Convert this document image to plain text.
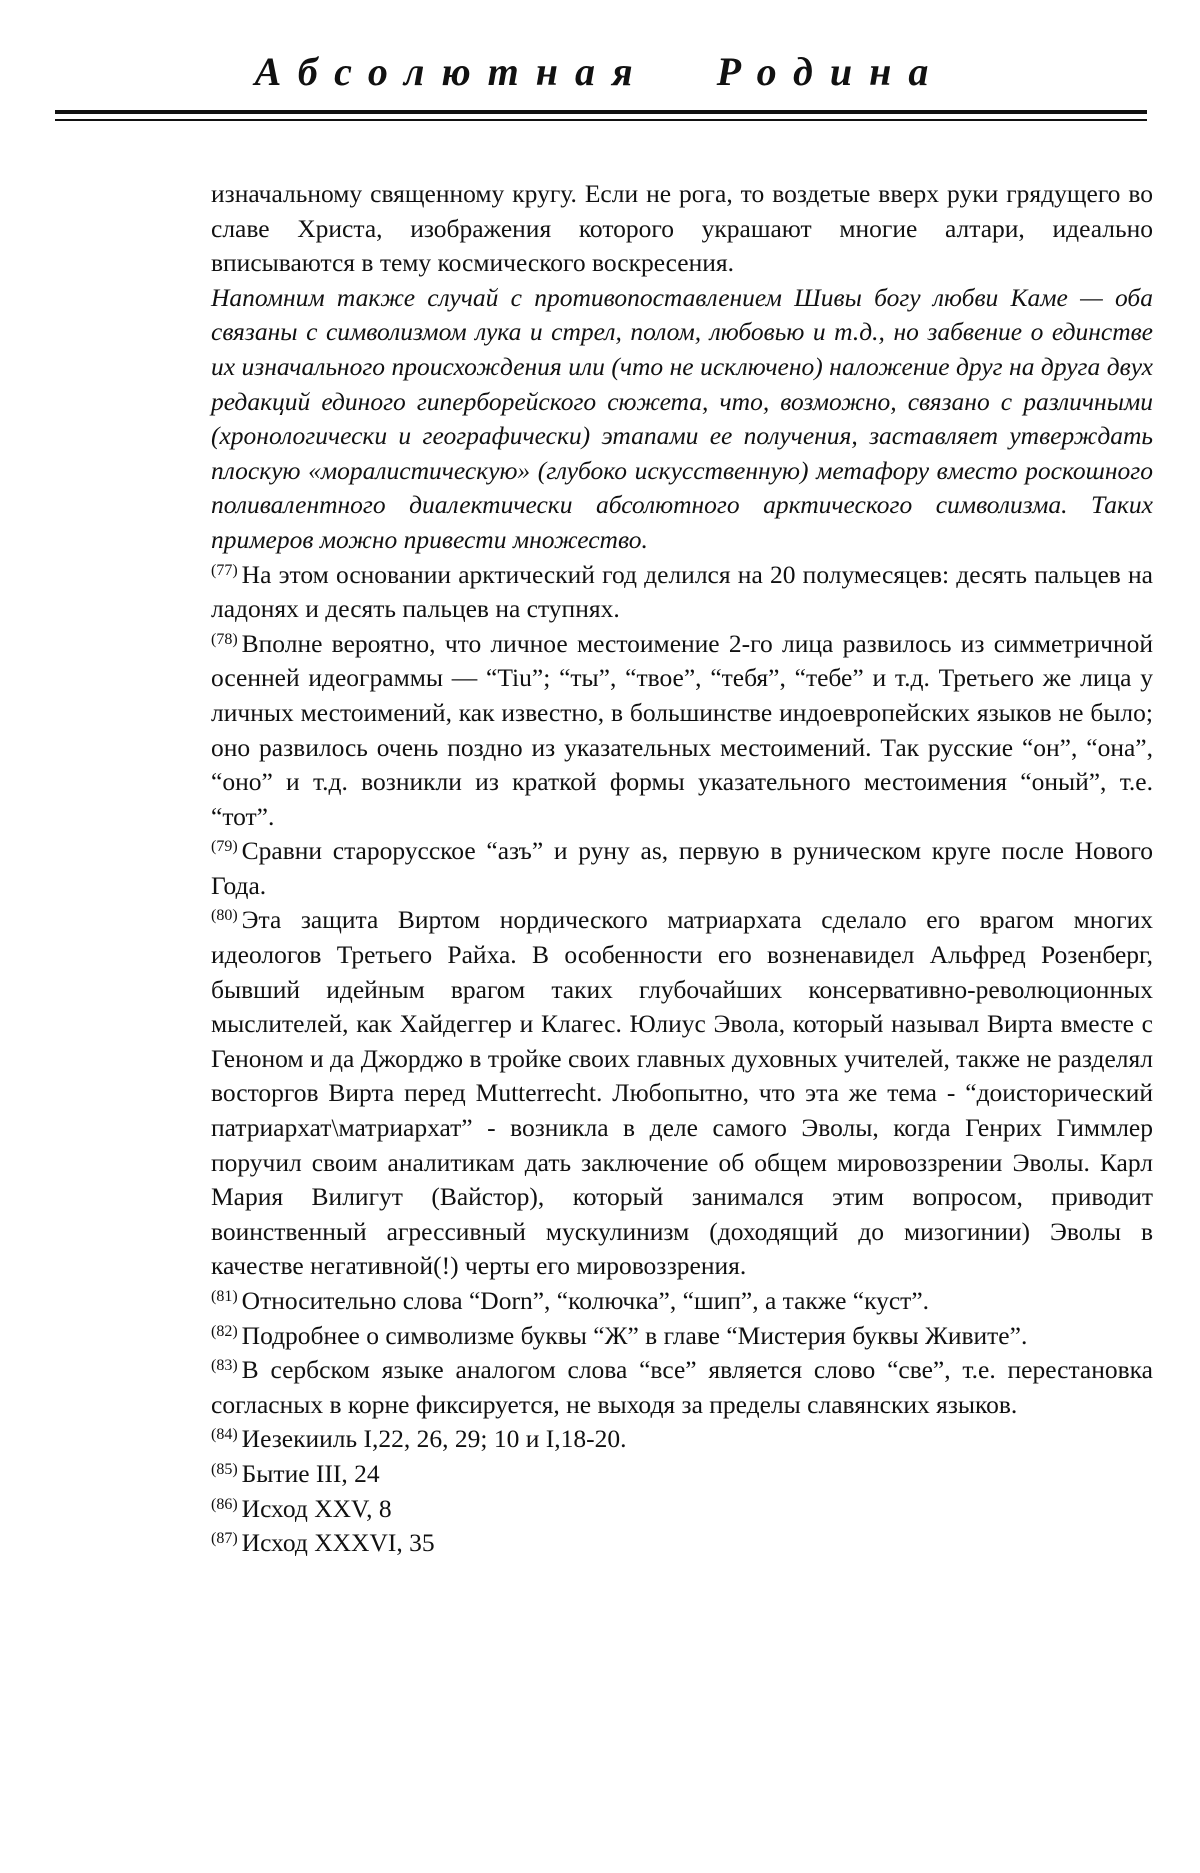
Абсолютная Родина

изначальному священному кругу. Если не рога, то воздетые вверх руки грядущего во славе Христа, изображения которого украшают многие алтари, идеально вписываются в тему космического воскресения.

Напомним также случай с противопоставлением Шивы богу любви Каме — оба связаны с символизмом лука и стрел, полом, любовью и т.д., но забвение о единстве их изначального происхождения или (что не исключено) наложение друг на друга двух редакций единого гиперборейского сюжета, что, возможно, связано с различными (хронологически и географически) этапами ее получения, заставляет утверждать плоскую «моралистическую» (глубоко искусственную) метафору вместо роскошного поливалентного диалектически абсолютного арктического символизма. Таких примеров можно привести множество.

$^{(77)}$ На этом основании арктический год делился на 20 полумесяцев: десять пальцев на ладонях и десять пальцев на ступнях.

$^{(78)}$ Вполне вероятно, что личное местоимение 2-го лица развилось из симметричной осенней идеограммы — “Tiu”; “ты”, “твое”, “тебя”, “тебе” и т.д. Третьего же лица у личных местоимений, как известно, в большинстве индоевропейских языков не было; оно развилось очень поздно из указательных местоимений. Так русские “он”, “она”, “оно” и т.д. возникли из краткой формы указательного местоимения “оный”, т.е. “тот”.

$^{(79)}$ Сравни старорусское “азъ” и руну as, первую в руническом круге после Нового Года.

$^{(80)}$ Эта защита Виртом нордического матриархата сделало его врагом многих идеологов Третьего Райха. В особенности его возненавидел Альфред Розенберг, бывший идейным врагом таких глубочайших консервативно-революционных мыслителей, как Хайдеггер и Клагес. Юлиус Эвола, который называл Вирта вместе с Геноном и да Джорджо в тройке своих главных духовных учителей, также не разделял восторгов Вирта перед Mutterrecht. Любопытно, что эта же тема - “доисторический патриархат\матриархат” - возникла в деле самого Эволы, когда Генрих Гиммлер поручил своим аналитикам дать заключение об общем мировоззрении Эволы. Карл Мария Вилигут (Вайстор), который занимался этим вопросом, приводит воинственный агрессивный мускулинизм (доходящий до мизогинии) Эволы в качестве негативной(!) черты его мировоззрения.

$^{(81)}$ Относительно слова “Dorn”, “колючка”, “шип”, а также “куст”.

$^{(82)}$ Подробнее о символизме буквы “Ж” в главе “Мистерия буквы Живите”.

$^{(83)}$ В сербском языке аналогом слова “все” является слово “све”, т.е. перестановка согласных в корне фиксируется, не выходя за пределы славянских языков.

$^{(84)}$ Иезекииль I,22, 26, 29; 10 и I,18-20.

$^{(85)}$ Бытие III, 24

$^{(86)}$ Исход XXV, 8

$^{(87)}$ Исход XXXVI, 35
